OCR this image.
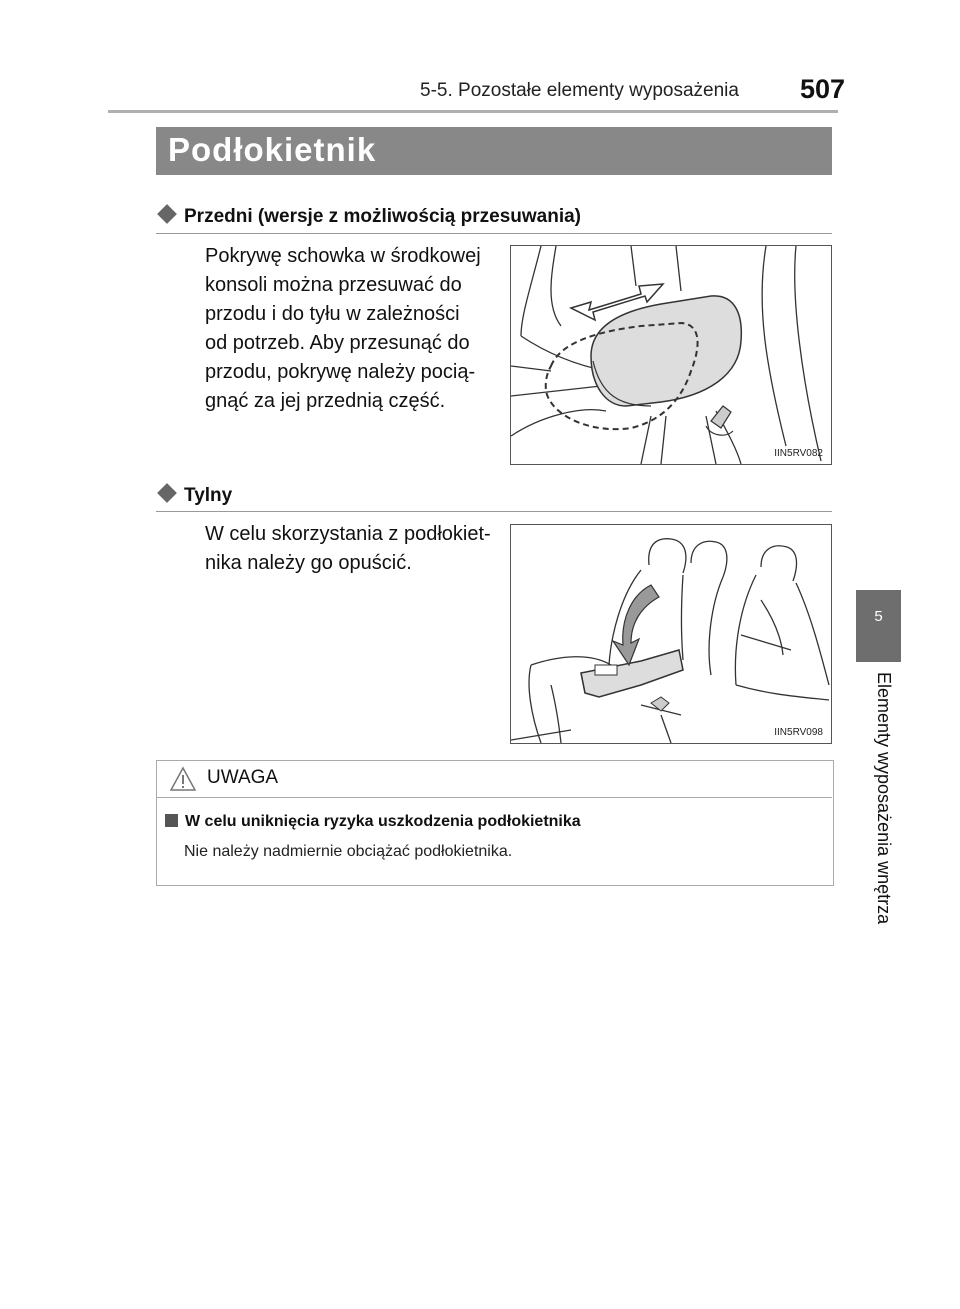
5-5. Pozostałe elementy wyposażenia 507
Podłokietnik
Przedni (wersje z możliwością przesuwania)
Pokrywę schowka w środkowej
konsoli można przesuwać do
przodu i do tyłu w zależności
od potrzeb. Aby przesunąć do
przodu, pokrywę należy pocią-
gnąć za jej przednią część.
IIN5RV082
Tylny
W celu skorzystania z podłokiet-
nika należy go opuścić.
IIN5RV098
UWAGA
W celu uniknięcia ryzyka uszkodzenia podłokietnika
Nie należy nadmiernie obciążać podłokietnika.
5
Elementy wyposażenia wnętrza
